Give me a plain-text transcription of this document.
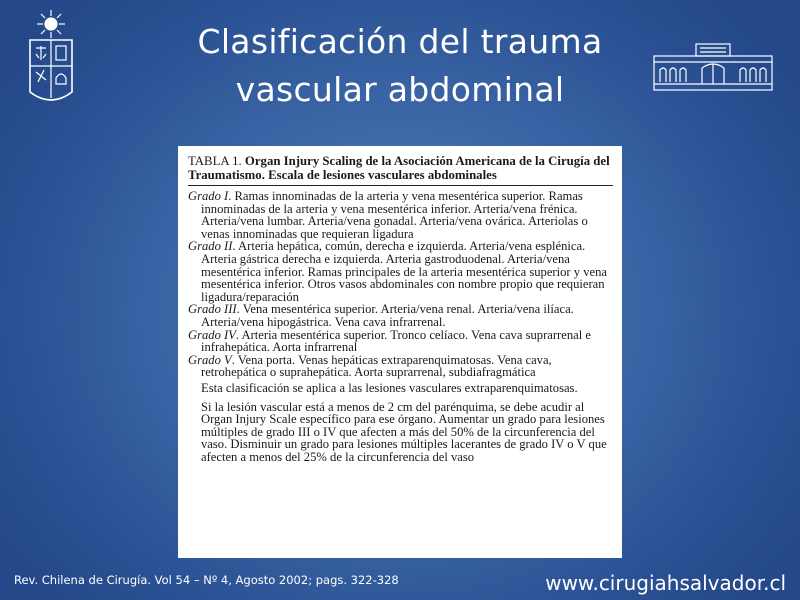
Clasificación del trauma
vascular abdominal
TABLA 1. Organ Injury Scaling de la Asociación Americana de la Cirugía del Traumatismo. Escala de lesiones vasculares abdominales
Grado I. Ramas innominadas de la arteria y vena mesentérica superior. Ramas innominadas de la arteria y vena mesentérica inferior. Arteria/vena frénica. Arteria/vena lumbar. Arteria/vena gonadal. Arteria/vena ovárica. Arteriolas o venas innominadas que requieran ligadura
Grado II. Arteria hepática, común, derecha e izquierda. Arteria/vena esplénica. Arteria gástrica derecha e izquierda. Arteria gastroduodenal. Arteria/vena mesentérica inferior. Ramas principales de la arteria mesentérica superior y vena mesentérica inferior. Otros vasos abdominales con nombre propio que requieran ligadura/reparación
Grado III. Vena mesentérica superior. Arteria/vena renal. Arteria/vena ilíaca. Arteria/vena hipogástrica. Vena cava infrarrenal.
Grado IV. Arteria mesentérica superior. Tronco celíaco. Vena cava suprarrenal e infrahepática. Aorta infrarrenal
Grado V. Vena porta. Venas hepáticas extraparenquimatosas. Vena cava, retrohepática o suprahepática. Aorta suprarrenal, subdiafragmática
Esta clasificación se aplica a las lesiones vasculares extraparenquimatosas.
Si la lesión vascular está a menos de 2 cm del parénquima, se debe acudir al Organ Injury Scale específico para ese órgano. Aumentar un grado para lesiones múltiples de grado III o IV que afecten a más del 50% de la circunferencia del vaso. Disminuir un grado para lesiones múltiples lacerantes de grado IV o V que afecten a menos del 25% de la circunferencia del vaso
Rev. Chilena de Cirugía. Vol 54 – Nº 4, Agosto 2002; pags. 322-328	www.cirugiahsalvador.cl
